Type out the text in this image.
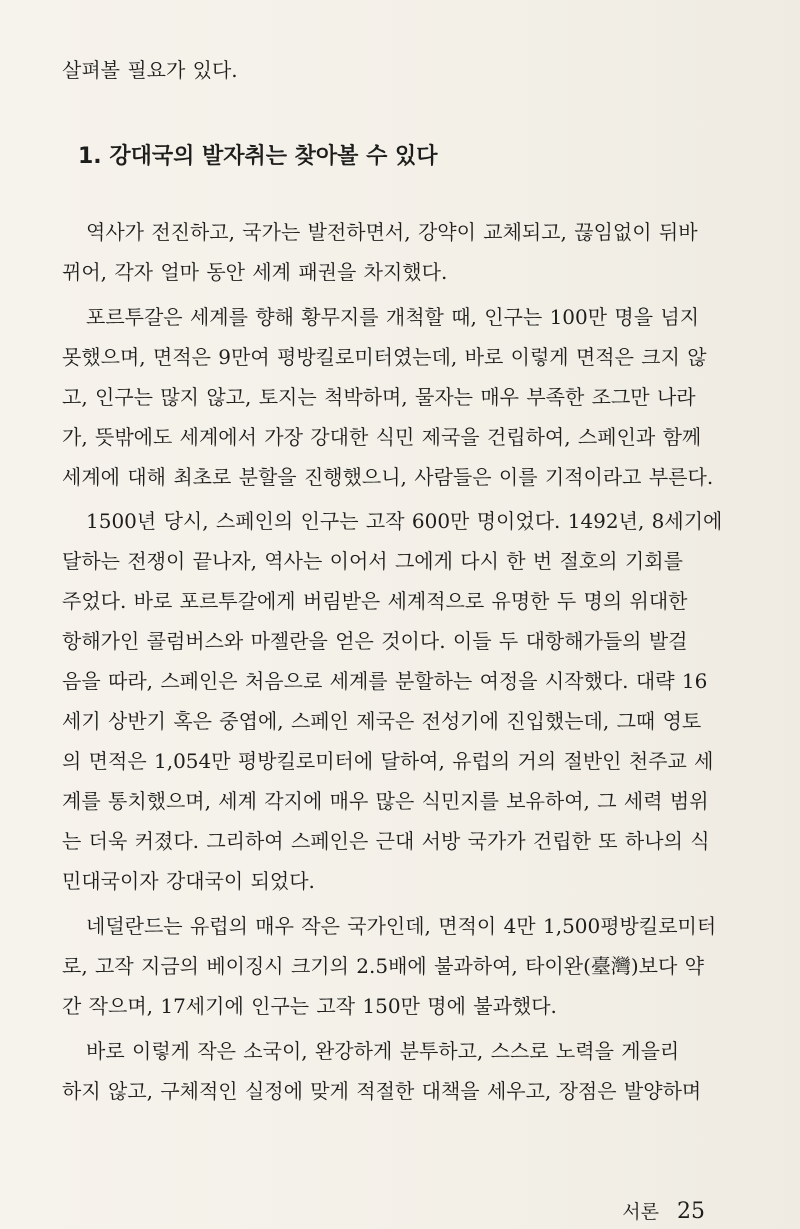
살펴볼 필요가 있다.
1. 강대국의 발자취는 찾아볼 수 있다
역사가 전진하고, 국가는 발전하면서, 강약이 교체되고, 끊임없이 뒤바
뀌어, 각자 얼마 동안 세계 패권을 차지했다.
포르투갈은 세계를 향해 황무지를 개척할 때, 인구는 100만 명을 넘지
못했으며, 면적은 9만여 평방킬로미터였는데, 바로 이렇게 면적은 크지 않
고, 인구는 많지 않고, 토지는 척박하며, 물자는 매우 부족한 조그만 나라
가, 뜻밖에도 세계에서 가장 강대한 식민 제국을 건립하여, 스페인과 함께
세계에 대해 최초로 분할을 진행했으니, 사람들은 이를 기적이라고 부른다.
1500년 당시, 스페인의 인구는 고작 600만 명이었다. 1492년, 8세기에
달하는 전쟁이 끝나자, 역사는 이어서 그에게 다시 한 번 절호의 기회를
주었다. 바로 포르투갈에게 버림받은 세계적으로 유명한 두 명의 위대한
항해가인 콜럼버스와 마젤란을 얻은 것이다. 이들 두 대항해가들의 발걸
음을 따라, 스페인은 처음으로 세계를 분할하는 여정을 시작했다. 대략 16
세기 상반기 혹은 중엽에, 스페인 제국은 전성기에 진입했는데, 그때 영토
의 면적은 1,054만 평방킬로미터에 달하여, 유럽의 거의 절반인 천주교 세
계를 통치했으며, 세계 각지에 매우 많은 식민지를 보유하여, 그 세력 범위
는 더욱 커졌다. 그리하여 스페인은 근대 서방 국가가 건립한 또 하나의 식
민대국이자 강대국이 되었다.
네덜란드는 유럽의 매우 작은 국가인데, 면적이 4만 1,500평방킬로미터
로, 고작 지금의 베이징시 크기의 2.5배에 불과하여, 타이완(臺灣)보다 약
간 작으며, 17세기에 인구는 고작 150만 명에 불과했다.
바로 이렇게 작은 소국이, 완강하게 분투하고, 스스로 노력을 게을리
하지 않고, 구체적인 실정에 맞게 적절한 대책을 세우고, 장점은 발양하며
서론 25
